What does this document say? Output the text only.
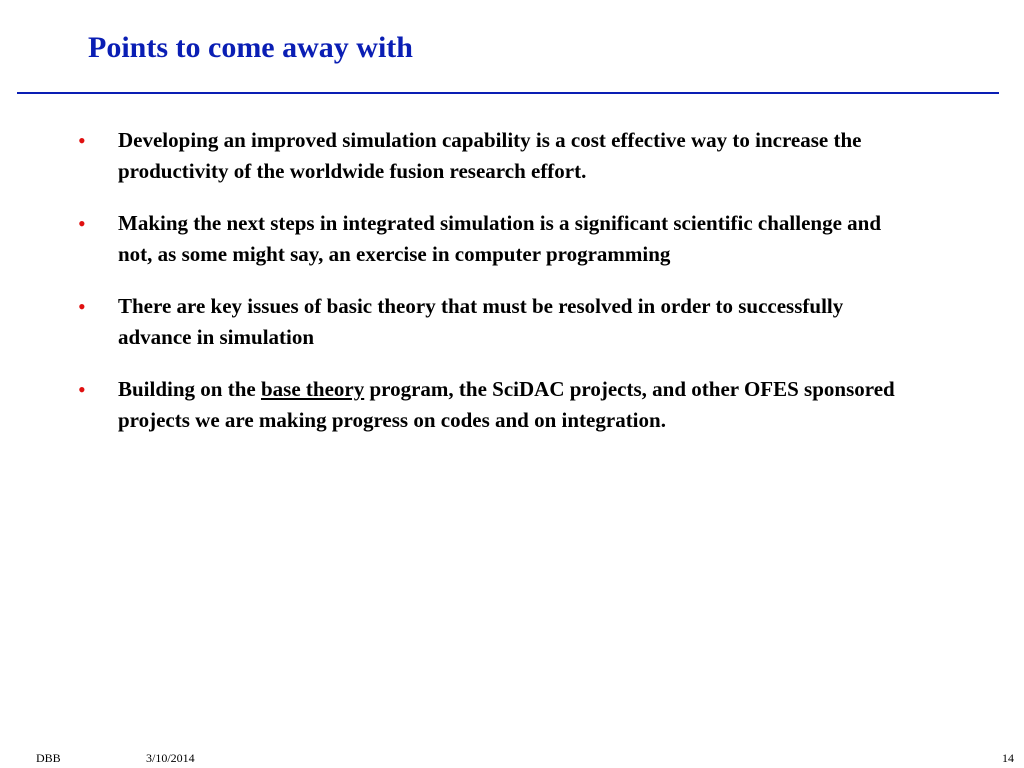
Points to come away with
• Developing an improved simulation capability is a cost effective way to increase the productivity of the worldwide fusion research effort.
• Making the next steps in integrated simulation is a significant scientific challenge and not, as some might say, an exercise in computer programming
• There are key issues of basic theory that must be resolved in order to successfully advance in simulation
• Building on the base theory program, the SciDAC projects, and other OFES sponsored projects we are making progress on codes and on integration.
DBB	3/10/2014	14
